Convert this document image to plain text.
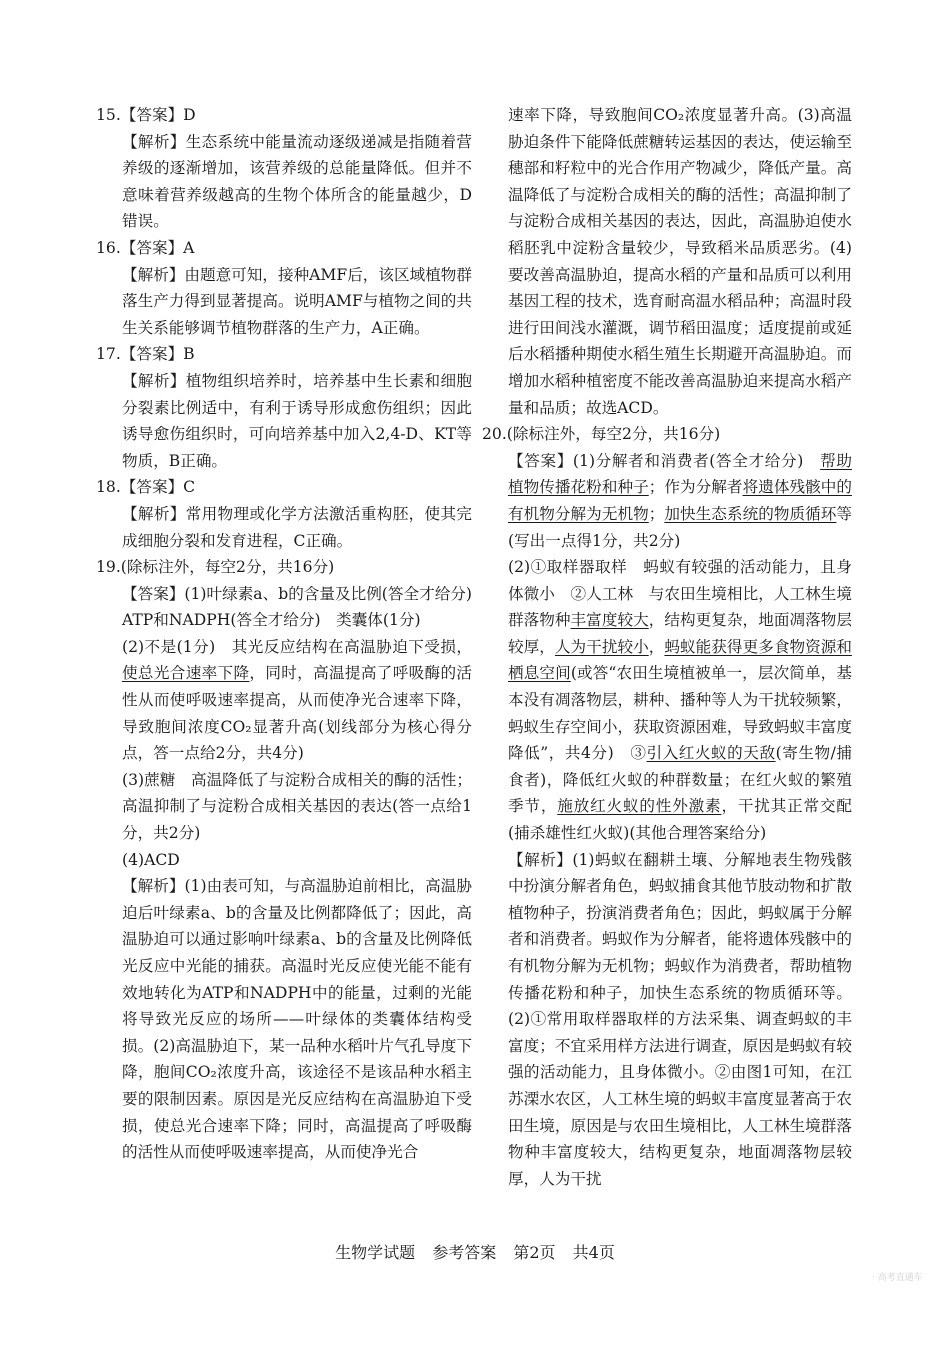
15.【答案】D

【解析】生态系统中能量流动逐级递减是指随着营养级的逐渐增加，该营养级的总能量降低。但并不意味着营养级越高的生物个体所含的能量越少，D错误。

16.【答案】A

【解析】由题意可知，接种AMF后，该区域植物群落生产力得到显著提高。说明AMF与植物之间的共生关系能够调节植物群落的生产力，A正确。

17.【答案】B

【解析】植物组织培养时，培养基中生长素和细胞分裂素比例适中，有利于诱导形成愈伤组织；因此诱导愈伤组织时，可向培养基中加入2,4-D、KT等物质，B正确。

18.【答案】C

【解析】常用物理或化学方法激活重构胚，使其完成细胞分裂和发育进程，C正确。

19.(除标注外，每空2分，共16分)

【答案】(1)叶绿素a、b的含量及比例(答全才给分)　ATP和NADPH(答全才给分)　类囊体(1分)

(2)不是(1分)　其光反应结构在高温胁迫下受损，使总光合速率下降，同时，高温提高了呼吸酶的活性从而使呼吸速率提高，从而使净光合速率下降，导致胞间浓度CO₂显著升高(划线部分为核心得分点，答一点给2分，共4分)

(3)蔗糖　高温降低了与淀粉合成相关的酶的活性；高温抑制了与淀粉合成相关基因的表达(答一点给1分，共2分)

(4)ACD

【解析】(1)由表可知，与高温胁迫前相比，高温胁迫后叶绿素a、b的含量及比例都降低了；因此，高温胁迫可以通过影响叶绿素a、b的含量及比例降低光反应中光能的捕获。高温时光反应使光能不能有效地转化为ATP和NADPH中的能量，过剩的光能将导致光反应的场所——叶绿体的类囊体结构受损。(2)高温胁迫下，某一品种水稻叶片气孔导度下降，胞间CO₂浓度升高，该途径不是该品种水稻主要的限制因素。原因是光反应结构在高温胁迫下受损，使总光合速率下降；同时，高温提高了呼吸酶的活性从而使呼吸速率提高，从而使净光合

速率下降，导致胞间CO₂浓度显著升高。(3)高温胁迫条件下能降低蔗糖转运基因的表达，使运输至穗部和籽粒中的光合作用产物减少，降低产量。高温降低了与淀粉合成相关的酶的活性；高温抑制了与淀粉合成相关基因的表达，因此，高温胁迫使水稻胚乳中淀粉含量较少，导致稻米品质恶劣。(4)要改善高温胁迫，提高水稻的产量和品质可以利用基因工程的技术，选育耐高温水稻品种；高温时段进行田间浅水灌溉，调节稻田温度；适度提前或延后水稻播种期使水稻生殖生长期避开高温胁迫。而增加水稻种植密度不能改善高温胁迫来提高水稻产量和品质；故选ACD。

20.(除标注外，每空2分，共16分)

【答案】(1)分解者和消费者(答全才给分)　帮助植物传播花粉和种子；作为分解者将遗体残骸中的有机物分解为无机物；加快生态系统的物质循环等(写出一点得1分，共2分)

(2)①取样器取样　蚂蚁有较强的活动能力，且身体微小　②人工林　与农田生境相比，人工林生境群落物种丰富度较大，结构更复杂，地面凋落物层较厚，人为干扰较小，蚂蚁能获得更多食物资源和栖息空间(或答“农田生境植被单一，层次简单，基本没有凋落物层，耕种、播种等人为干扰较频繁，蚂蚁生存空间小，获取资源困难，导致蚂蚁丰富度降低”，共4分)　③引入红火蚁的天敌(寄生物/捕食者)，降低红火蚁的种群数量；在红火蚁的繁殖季节，施放红火蚁的性外激素，干扰其正常交配(捕杀雄性红火蚁)(其他合理答案给分)

【解析】(1)蚂蚁在翻耕土壤、分解地表生物残骸中扮演分解者角色，蚂蚁捕食其他节肢动物和扩散植物种子，扮演消费者角色；因此，蚂蚁属于分解者和消费者。蚂蚁作为分解者，能将遗体残骸中的有机物分解为无机物；蚂蚁作为消费者，帮助植物传播花粉和种子，加快生态系统的物质循环等。(2)①常用取样器取样的方法采集、调查蚂蚁的丰富度；不宜采用样方法进行调查，原因是蚂蚁有较强的活动能力，且身体微小。②由图1可知，在江苏溧水农区，人工林生境的蚂蚁丰富度显著高于农田生境，原因是与农田生境相比，人工林生境群落物种丰富度较大，结构更复杂，地面凋落物层较厚，人为干扰

生物学试题 参考答案 第2页 共4页
· 高考直通车
